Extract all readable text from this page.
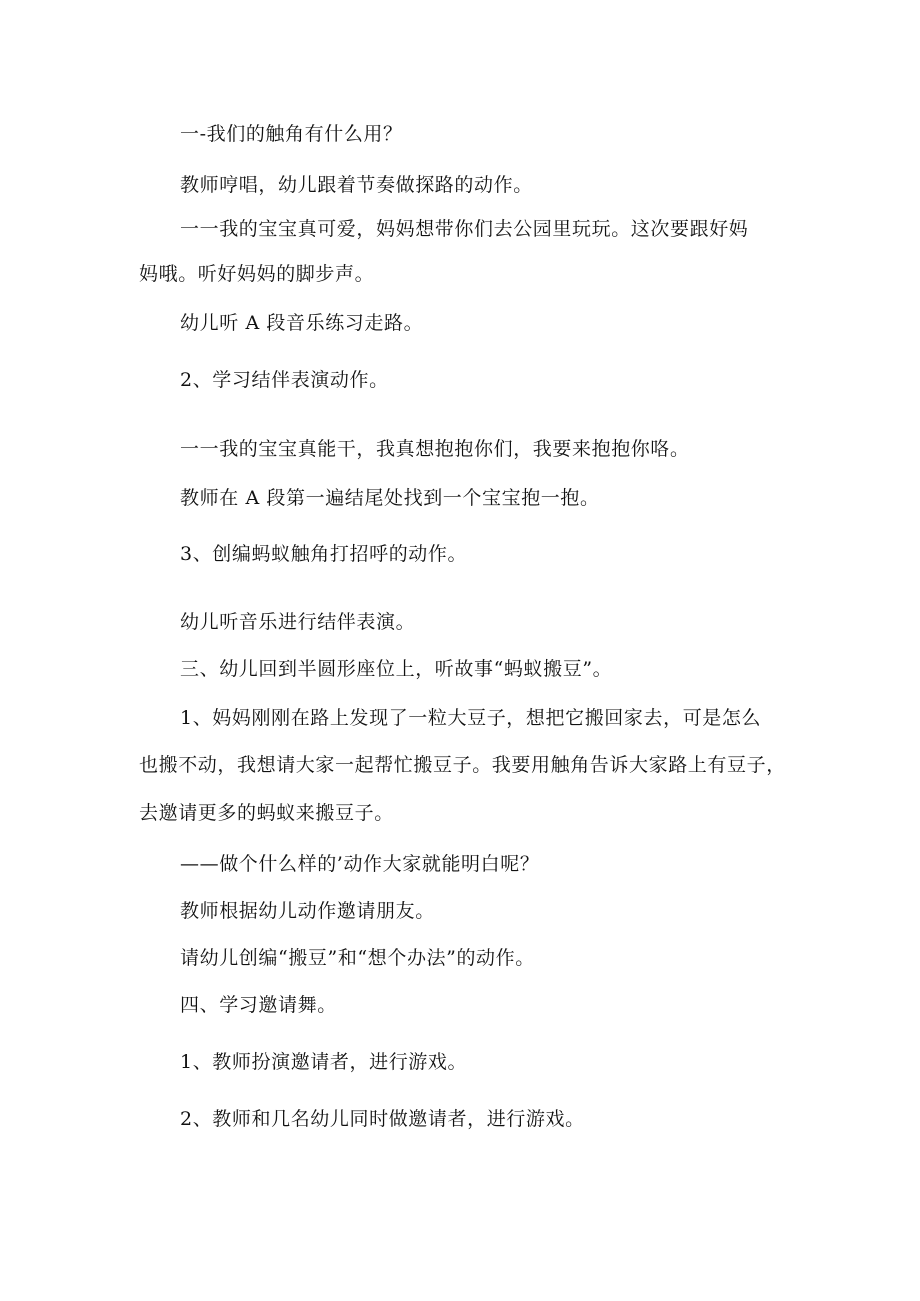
一-我们的触角有什么用？
教师哼唱，幼儿跟着节奏做探路的动作。
一一我的宝宝真可爱，妈妈想带你们去公园里玩玩。这次要跟好妈
妈哦。听好妈妈的脚步声。
幼儿听 A 段音乐练习走路。
2、学习结伴表演动作。
一一我的宝宝真能干，我真想抱抱你们，我要来抱抱你咯。
教师在 A 段第一遍结尾处找到一个宝宝抱一抱。
3、创编蚂蚁触角打招呼的动作。
幼儿听音乐进行结伴表演。
三、幼儿回到半圆形座位上，听故事“蚂蚁搬豆”。
1、妈妈刚刚在路上发现了一粒大豆子，想把它搬回家去，可是怎么
也搬不动，我想请大家一起帮忙搬豆子。我要用触角告诉大家路上有豆子，
去邀请更多的蚂蚁来搬豆子。
——做个什么样的’动作大家就能明白呢？
教师根据幼儿动作邀请朋友。
请幼儿创编“搬豆”和“想个办法”的动作。
四、学习邀请舞。
1、教师扮演邀请者，进行游戏。
2、教师和几名幼儿同时做邀请者，进行游戏。
